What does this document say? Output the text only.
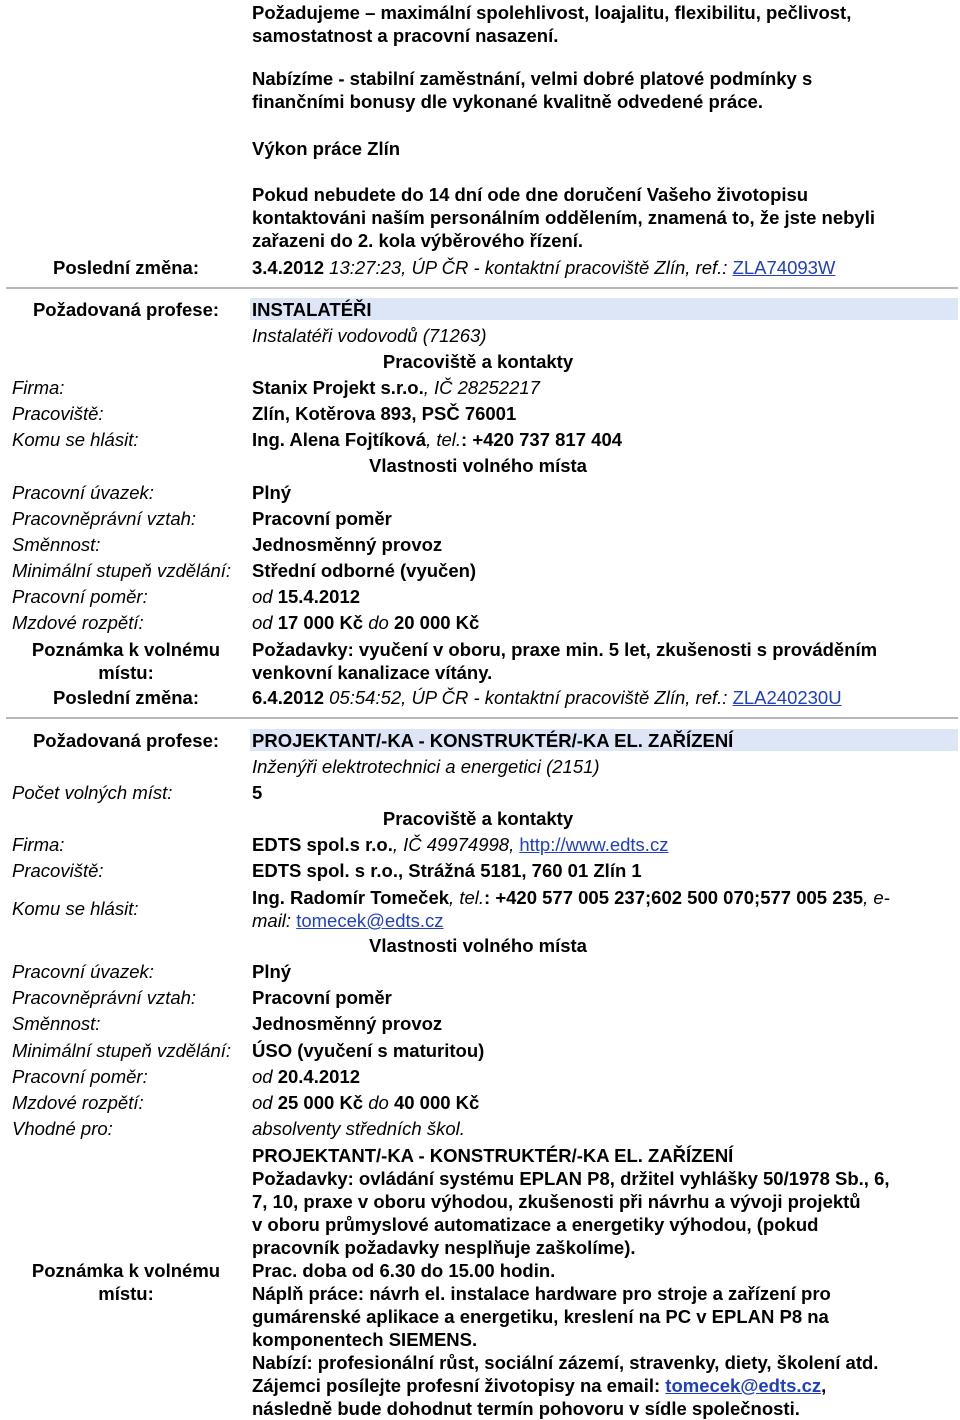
Požadujeme – maximální spolehlivost, loajalitu, flexibilitu, pečlivost,
samostatnost a pracovní nasazení.
Nabízíme - stabilní zaměstnání, velmi dobré platové podmínky s
finančními bonusy dle vykonané kvalitně odvedené práce.
Výkon práce Zlín
Pokud nebudete do 14 dní ode dne doručení Vašeho životopisu
kontaktováni naším personálním oddělením, znamená to, že jste nebyli
zařazeni do 2. kola výběrového řízení.
Poslední změna:	3.4.2012 13:27:23, ÚP ČR - kontaktní pracoviště Zlín, ref.: ZLA74093W
Požadovaná profese:	INSTALATÉŘI
Instalatéři vodovodů (71263)
Pracoviště a kontakty
Firma:	Stanix Projekt s.r.o., IČ 28252217
Pracoviště:	Zlín, Kotěrova 893, PSČ 76001
Komu se hlásit:	Ing. Alena Fojtíková, tel.: +420 737 817 404
Vlastnosti volného místa
Pracovní úvazek:	Plný
Pracovněprávní vztah:	Pracovní poměr
Směnnost:	Jednosměnný provoz
Minimální stupeň vzdělání: Střední odborné (vyučen)
Pracovní poměr:	od 15.4.2012
Mzdové rozpětí:	od 17 000 Kč do 20 000 Kč
Poznámka k volnému
místu:
Požadavky: vyučení v oboru, praxe min. 5 let, zkušenosti s prováděním
venkovní kanalizace vítány.
Poslední změna:	6.4.2012 05:54:52, ÚP ČR - kontaktní pracoviště Zlín, ref.: ZLA240230U
Požadovaná profese:	PROJEKTANT/-KA - KONSTRUKTÉR/-KA EL. ZAŘÍZENÍ
Inženýři elektrotechnici a energetici (2151)
Počet volných míst:	5
Pracoviště a kontakty
Firma:	EDTS spol.s r.o., IČ 49974998, http://www.edts.cz
Pracoviště:	EDTS spol. s r.o., Strážná 5181, 760 01 Zlín 1
Komu se hlásit:
Ing. Radomír Tomeček, tel.: +420 577 005 237;602 500 070;577 005 235, e-
mail: tomecek@edts.cz
Vlastnosti volného místa
Pracovní úvazek:	Plný
Pracovněprávní vztah:	Pracovní poměr
Směnnost:	Jednosměnný provoz
Minimální stupeň vzdělání: ÚSO (vyučení s maturitou)
Pracovní poměr:	od 20.4.2012
Mzdové rozpětí:	od 25 000 Kč do 40 000 Kč
Vhodné pro:	absolventy středních škol.
Poznámka k volnému
místu:
PROJEKTANT/-KA - KONSTRUKTÉR/-KA EL. ZAŘÍZENÍ
Požadavky: ovládání systému EPLAN P8, držitel vyhlášky 50/1978 Sb., 6,
7, 10, praxe v oboru výhodou, zkušenosti při návrhu a vývoji projektů
v oboru průmyslové automatizace a energetiky výhodou, (pokud
pracovník požadavky nesplňuje zaškolíme).
Prac. doba od 6.30 do 15.00 hodin.
Náplň práce: návrh el. instalace hardware pro stroje a zařízení pro
gumárenské aplikace a energetiku, kreslení na PC v EPLAN P8 na
komponentech SIEMENS.
Nabízí: profesionální růst, sociální zázemí, stravenky, diety, školení atd.
Zájemci posílejte profesní životopisy na email: tomecek@edts.cz,
následně bude dohodnut termín pohovoru v sídle společnosti.
